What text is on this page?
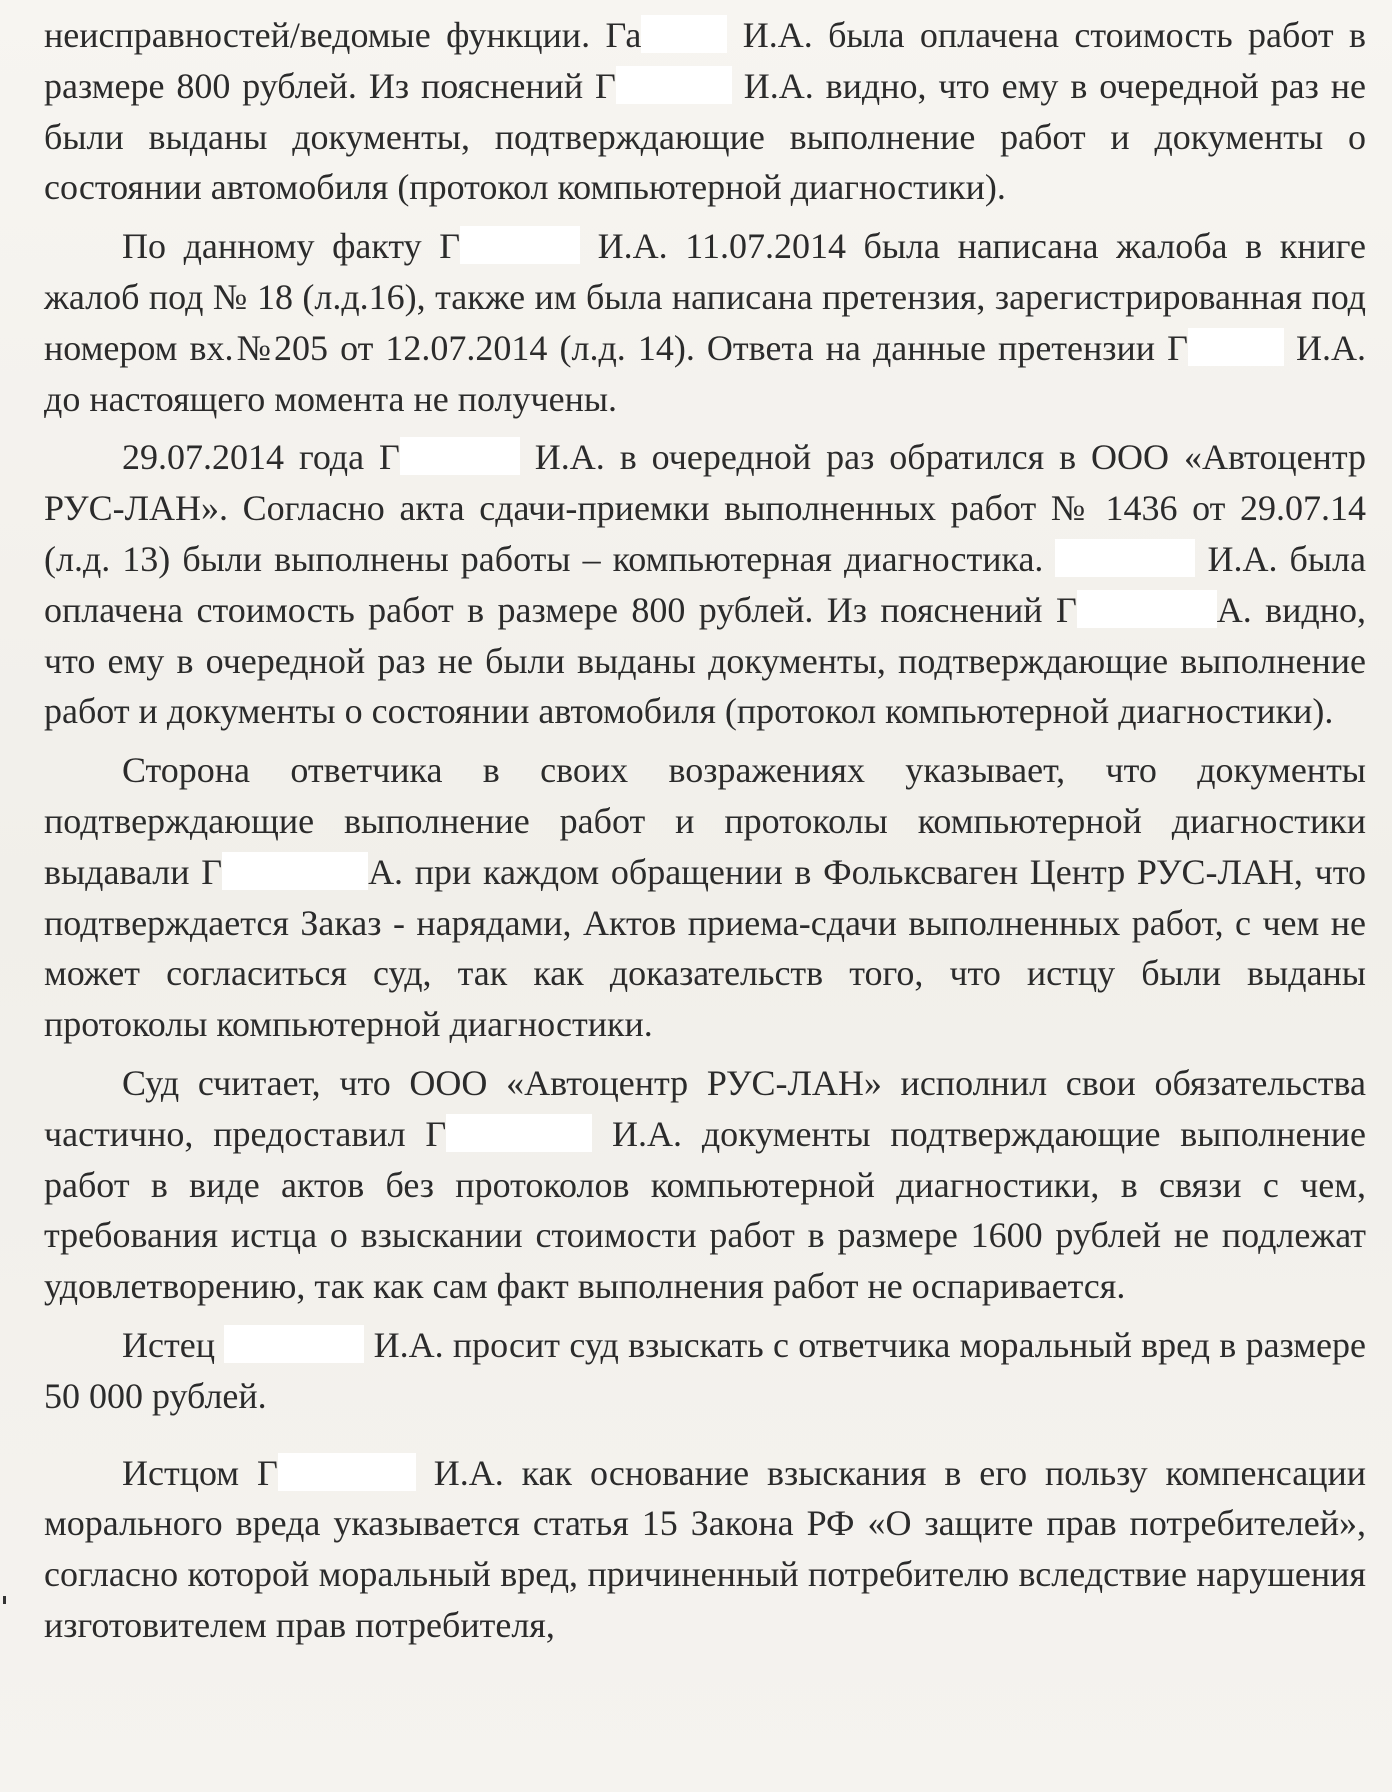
неисправностей/ведомые функции. Га И.А. была оплачена стоимость работ в размере 800 рублей. Из пояснений Г	И.А. видно, что ему в очередной раз не были выданы документы, подтверждающие выполнение работ и документы о состоянии автомобиля (протокол компьютерной диагностики).

По данному факту Г	И.А. 11.07.2014 была написана жалоба в книге жалоб под № 18 (л.д.16), также им была написана претензия, зарегистрированная под номером вх.№205 от 12.07.2014 (л.д. 14). Ответа на данные претензии Г	И.А. до настоящего момента не получены.

29.07.2014 года Г	И.А. в очередной раз обратился в ООО «Автоцентр РУС-ЛАН». Согласно акта сдачи-приемки выполненных работ № 1436 от 29.07.14 (л.д. 13) были выполнены работы – компьютерная диагностика.	И.А. была оплачена стоимость работ в размере 800 рублей. Из пояснений Г	А. видно, что ему в очередной раз не были выданы документы, подтверждающие выполнение работ и документы о состоянии автомобиля (протокол компьютерной диагностики).

Сторона ответчика в своих возражениях указывает, что документы подтверждающие выполнение работ и протоколы компьютерной диагностики выдавали Г	А. при каждом обращении в Фольксваген Центр РУС-ЛАН, что подтверждается Заказ - нарядами, Актов приема-сдачи выполненных работ, с чем не может согласиться суд, так как доказательств того, что истцу были выданы протоколы компьютерной диагностики.

Суд считает, что ООО «Автоцентр РУС-ЛАН» исполнил свои обязательства частично, предоставил Г	И.А. документы подтверждающие выполнение работ в виде актов без протоколов компьютерной диагностики, в связи с чем, требования истца о взыскании стоимости работ в размере 1600 рублей не подлежат удовлетворению, так как сам факт выполнения работ не оспаривается.

Истец	И.А. просит суд взыскать с ответчика моральный вред в размере 50 000 рублей.

Истцом Г	И.А. как основание взыскания в его пользу компенсации морального вреда указывается статья 15 Закона РФ «О защите прав потребителей», согласно которой моральный вред, причиненный потребителю вследствие нарушения изготовителем прав потребителя,
